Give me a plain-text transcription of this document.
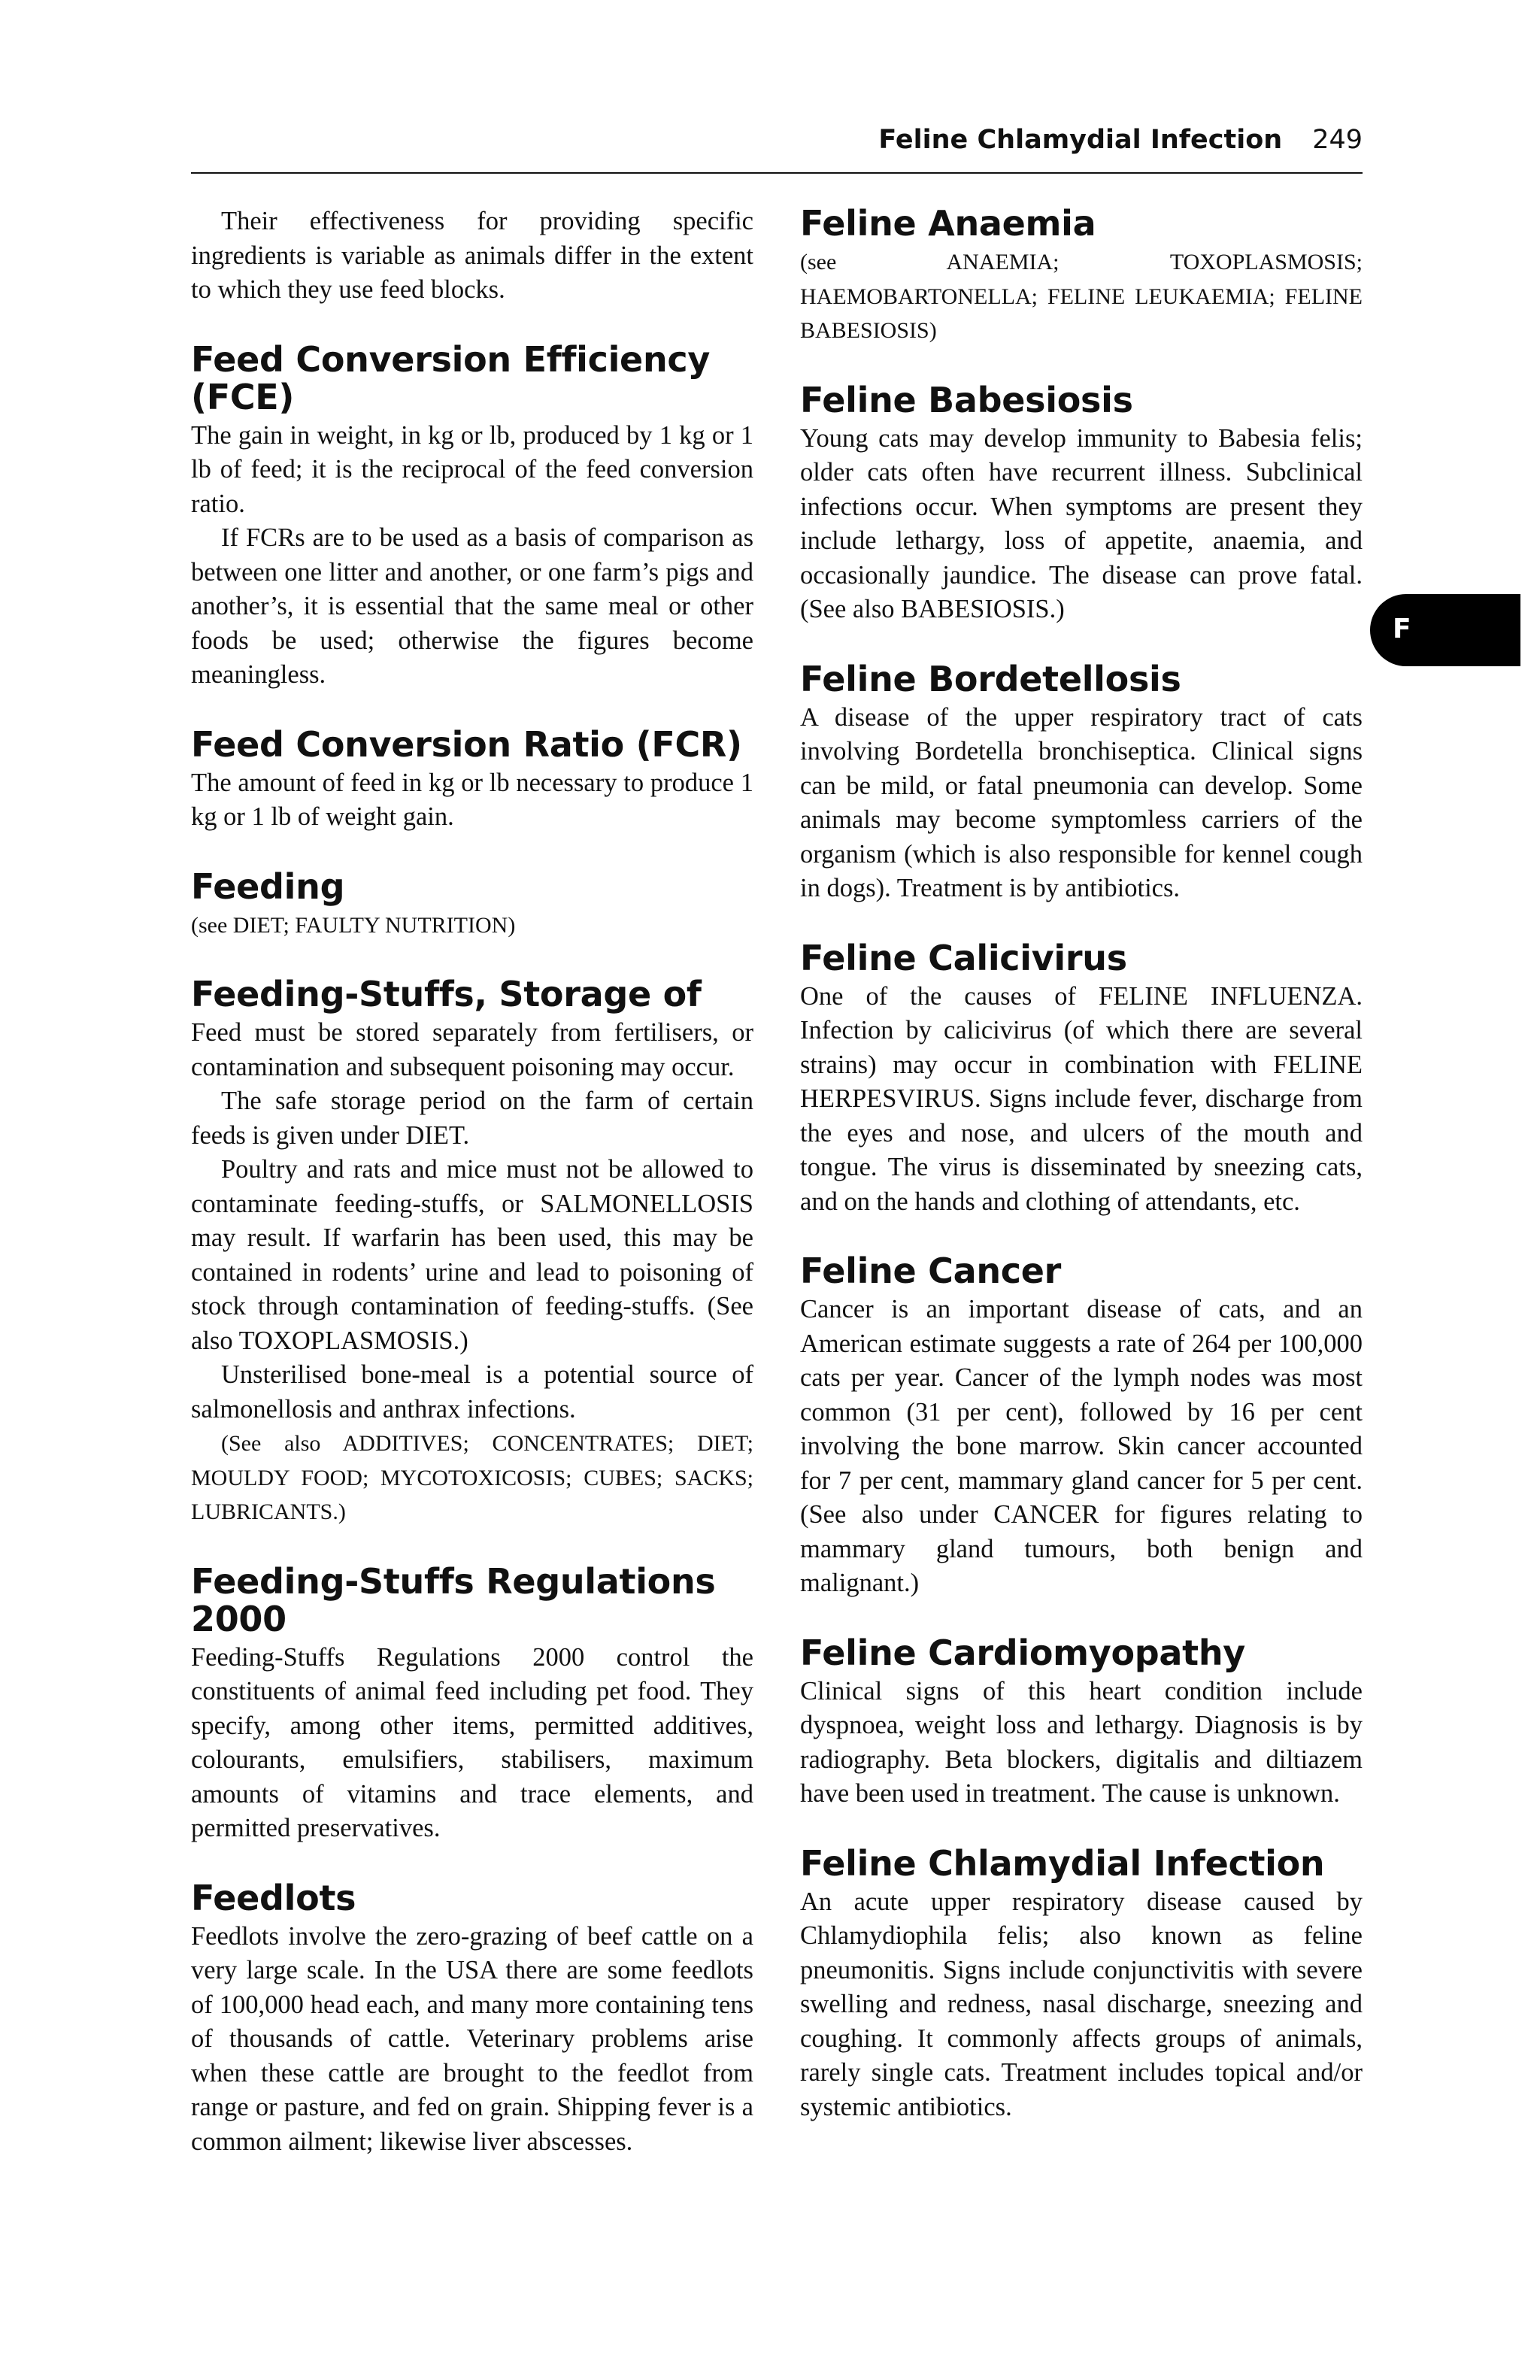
Feline Chlamydial Infection 249
F

Their effectiveness for providing specific ingredients is variable as animals differ in the extent to which they use feed blocks.

Feed Conversion Efficiency (FCE)

The gain in weight, in kg or lb, produced by 1 kg or 1 lb of feed; it is the reciprocal of the feed conversion ratio.

If FCRs are to be used as a basis of comparison as between one litter and another, or one farm’s pigs and another’s, it is essential that the same meal or other foods be used; otherwise the figures become meaningless.

Feed Conversion Ratio (FCR)

The amount of feed in kg or lb necessary to produce 1 kg or 1 lb of weight gain.

Feeding

(see DIET; FAULTY NUTRITION)

Feeding-Stuffs, Storage of

Feed must be stored separately from fertilisers, or contamination and subsequent poisoning may occur.

The safe storage period on the farm of certain feeds is given under DIET.

Poultry and rats and mice must not be allowed to contaminate feeding-stuffs, or SALMONELLOSIS may result. If warfarin has been used, this may be contained in rodents’ urine and lead to poisoning of stock through contamination of feeding-stuffs. (See also TOXOPLASMOSIS.)

Unsterilised bone-meal is a potential source of salmonellosis and anthrax infections.

(See also ADDITIVES; CONCENTRATES; DIET; MOULDY FOOD; MYCOTOXICOSIS; CUBES; SACKS; LUBRICANTS.)

Feeding-Stuffs Regulations 2000

Feeding-Stuffs Regulations 2000 control the constituents of animal feed including pet food. They specify, among other items, permitted additives, colourants, emulsifiers, stabilisers, maximum amounts of vitamins and trace elements, and permitted preservatives.

Feedlots

Feedlots involve the zero-grazing of beef cattle on a very large scale. In the USA there are some feedlots of 100,000 head each, and many more containing tens of thousands of cattle. Veterinary problems arise when these cattle are brought to the feedlot from range or pasture, and fed on grain. Shipping fever is a common ailment; likewise liver abscesses.

Feline Anaemia

(see ANAEMIA; TOXOPLASMOSIS; HAEMOBARTONELLA; FELINE LEUKAEMIA; FELINE BABESIOSIS)

Feline Babesiosis

Young cats may develop immunity to Babesia felis; older cats often have recurrent illness. Subclinical infections occur. When symptoms are present they include lethargy, loss of appetite, anaemia, and occasionally jaundice. The disease can prove fatal. (See also BABESIOSIS.)

Feline Bordetellosis

A disease of the upper respiratory tract of cats involving Bordetella bronchiseptica. Clinical signs can be mild, or fatal pneumonia can develop. Some animals may become symptomless carriers of the organism (which is also responsible for kennel cough in dogs). Treatment is by antibiotics.

Feline Calicivirus

One of the causes of FELINE INFLUENZA. Infection by calicivirus (of which there are several strains) may occur in combination with FELINE HERPESVIRUS. Signs include fever, discharge from the eyes and nose, and ulcers of the mouth and tongue. The virus is disseminated by sneezing cats, and on the hands and clothing of attendants, etc.

Feline Cancer

Cancer is an important disease of cats, and an American estimate suggests a rate of 264 per 100,000 cats per year. Cancer of the lymph nodes was most common (31 per cent), followed by 16 per cent involving the bone marrow. Skin cancer accounted for 7 per cent, mammary gland cancer for 5 per cent. (See also under CANCER for figures relating to mammary gland tumours, both benign and malignant.)

Feline Cardiomyopathy

Clinical signs of this heart condition include dyspnoea, weight loss and lethargy. Diagnosis is by radiography. Beta blockers, digitalis and diltiazem have been used in treatment. The cause is unknown.

Feline Chlamydial Infection

An acute upper respiratory disease caused by Chlamydiophila felis; also known as feline pneumonitis. Signs include conjunctivitis with severe swelling and redness, nasal discharge, sneezing and coughing. It commonly affects groups of animals, rarely single cats. Treatment includes topical and/or systemic antibiotics.
